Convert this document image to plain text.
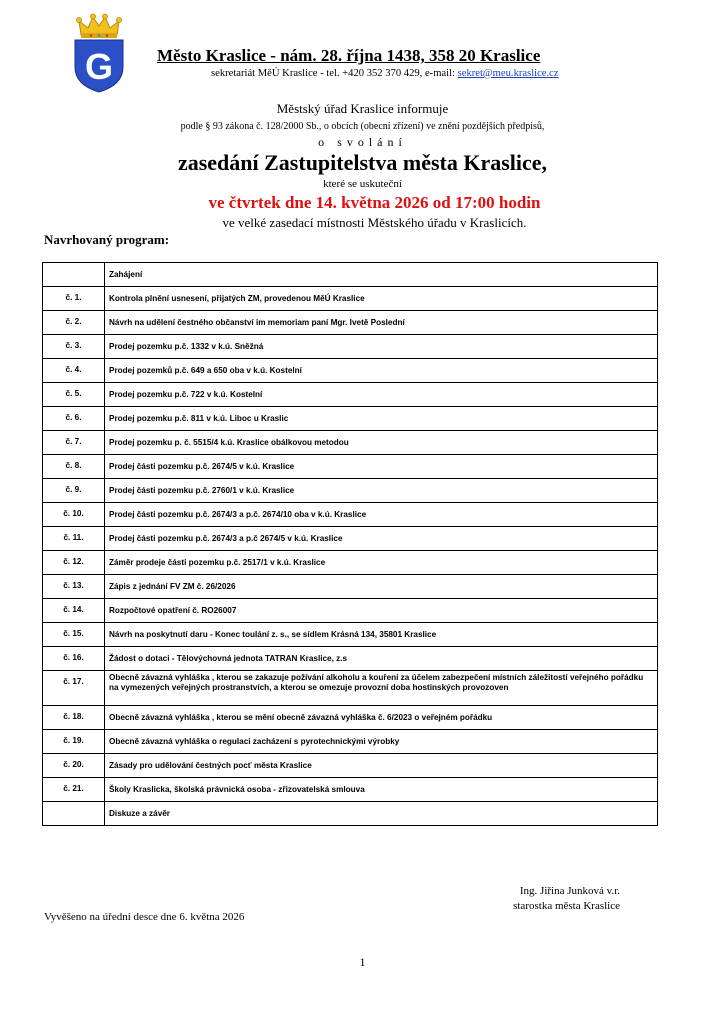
G	Město Kraslice - nám. 28. října 1438, 358 20 Kraslice
sekretariát MěÚ Kraslice - tel. +420 352 370 429, e-mail: sekret@meu.kraslice.cz
Městský úřad Kraslice informuje
podle § 93 zákona č. 128/2000 Sb., o obcích (obecní zřízení) ve znění pozdějších předpisů,
o svolání
zasedání Zastupitelstva města Kraslice,
které se uskuteční
ve čtvrtek dne 14. května 2026 od 17:00 hodin
ve velké zasedací místnosti Městského úřadu v Kraslicích.
Navrhovaný program:
	Zahájení
č. 1.	Kontrola plnění usnesení, přijatých ZM, provedenou MěÚ Kraslice
č. 2.	Návrh na udělení čestného občanství im memoriam paní Mgr. Ivetě Poslední
č. 3.	Prodej pozemku p.č. 1332 v k.ú. Sněžná
č. 4.	Prodej pozemků p.č. 649 a 650 oba v k.ú. Kostelní
č. 5.	Prodej pozemku p.č. 722 v k.ú. Kostelní
č. 6.	Prodej pozemku p.č. 811 v k.ú. Liboc u Kraslic
č. 7.	Prodej pozemku p. č. 5515/4 k.ú. Kraslice obálkovou metodou
č. 8.	Prodej části pozemku p.č. 2674/5 v k.ú. Kraslice
č. 9.	Prodej části pozemku p.č. 2760/1 v k.ú. Kraslice
č. 10.	Prodej části pozemku p.č. 2674/3 a p.č. 2674/10 oba v k.ú. Kraslice
č. 11.	Prodej části pozemku p.č. 2674/3 a p.č 2674/5 v k.ú. Kraslice
č. 12.	Záměr prodeje části pozemku p.č. 2517/1 v k.ú. Kraslice
č. 13.	Zápis z jednání FV ZM č. 26/2026
č. 14.	Rozpočtové opatření č. RO26007
č. 15.	Návrh na poskytnutí daru - Konec toulání z. s., se sídlem Krásná 134, 35801 Kraslice
č. 16.	Žádost o dotaci - Tělovýchovná jednota TATRAN Kraslice, z.s
č. 17.	Obecně závazná vyhláška , kterou se zakazuje požívání alkoholu a kouření za účelem zabezpečení místních záležitostí veřejného pořádku na vymezených veřejných prostranstvích, a kterou se omezuje provozní doba hostinských provozoven
č. 18.	Obecně závazná vyhláška , kterou se mění obecně závazná vyhláška č. 6/2023 o veřejném pořádku
č. 19.	Obecně závazná vyhláška o regulaci zacházení s pyrotechnickými výrobky
č. 20.	Zásady pro udělování čestných pocť města Kraslice
č. 21.	Školy Kraslicka, školská právnická osoba - zřizovatelská smlouva
	Diskuze a závěr
Ing. Jiřina Junková v.r.
starostka města Kraslice
Vyvěšeno na úřední desce dne 6. května 2026
1
